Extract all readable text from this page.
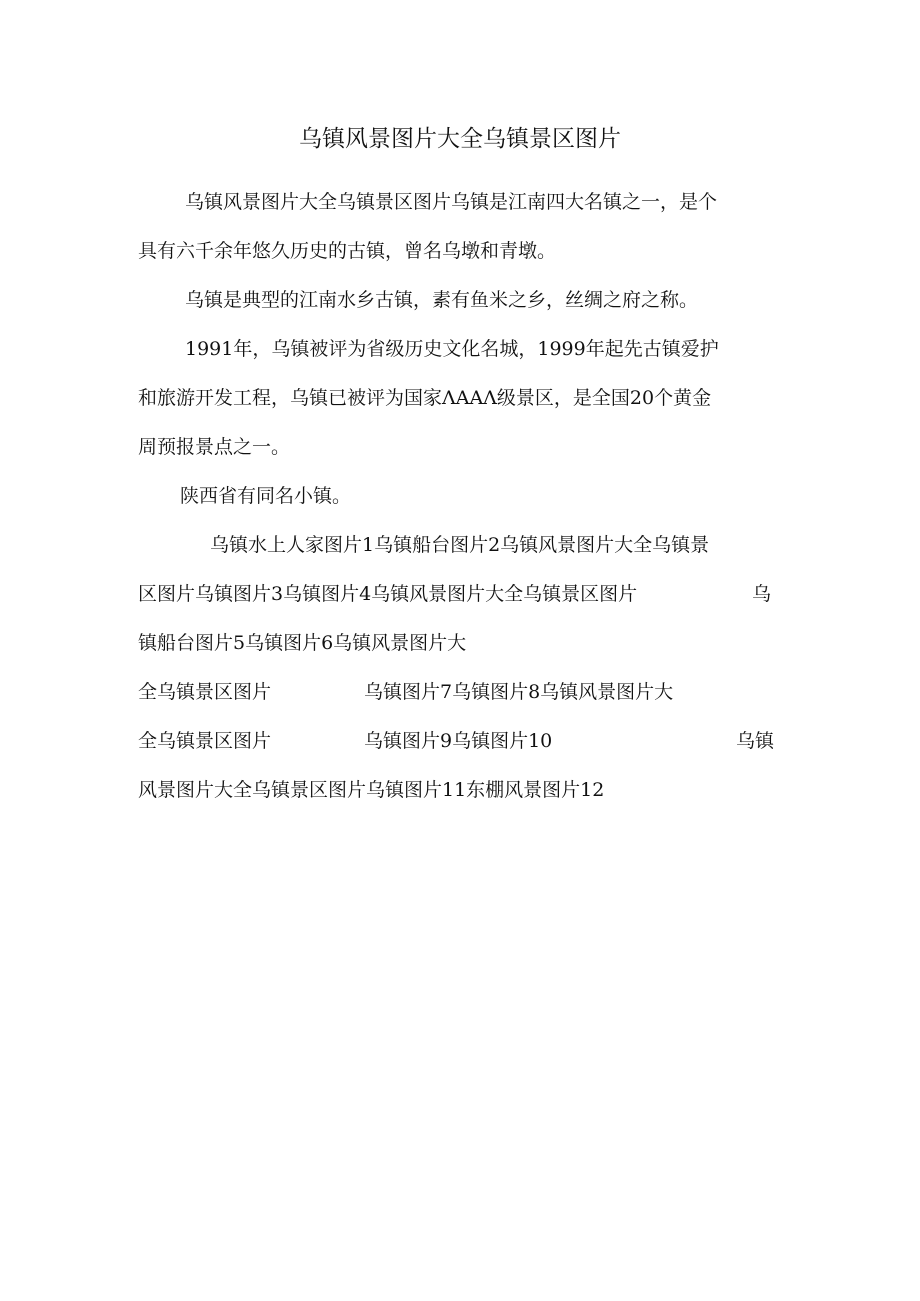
乌镇风景图片大全乌镇景区图片
乌镇风景图片大全乌镇景区图片乌镇是江南四大名镇之一，是个
具有六千余年悠久历史的古镇，曾名乌墩和青墩。
乌镇是典型的江南水乡古镇，素有鱼米之乡，丝绸之府之称。
1991年，乌镇被评为省级历史文化名城，1999年起先古镇爱护
和旅游开发工程，乌镇已被评为国家ΛAAΛ级景区，是全国20个黄金
周预报景点之一。
陕西省有同名小镇。
乌镇水上人家图片1乌镇船台图片2乌镇风景图片大全乌镇景
区图片乌镇图片3乌镇图片4乌镇风景图片大全乌镇景区图片	乌
镇船台图片5乌镇图片6乌镇风景图片大
全乌镇景区图片	乌镇图片7乌镇图片8乌镇风景图片大
全乌镇景区图片	乌镇图片9乌镇图片10	乌镇
风景图片大全乌镇景区图片乌镇图片11东棚风景图片12
